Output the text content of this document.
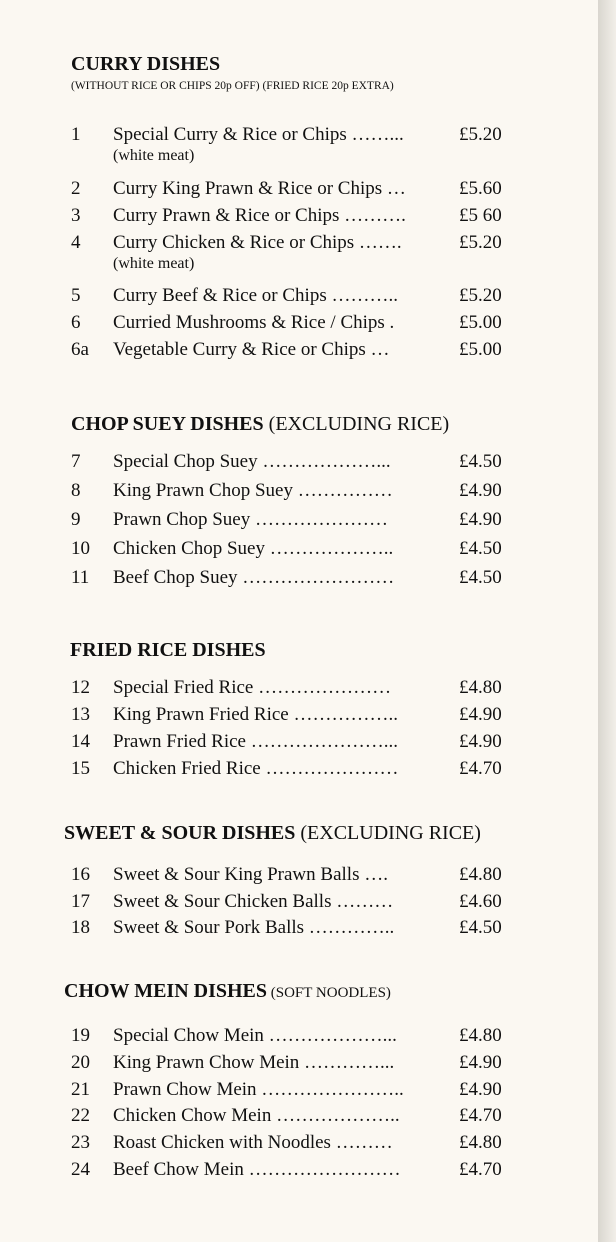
CURRY DISHES
(WITHOUT RICE OR CHIPS 20p OFF) (FRIED RICE 20p EXTRA)
1 Special Curry & Rice or Chips ……...	£5.20
(white meat)
2 Curry King Prawn & Rice or Chips …	£5.60
3 Curry Prawn & Rice or Chips ……….	£5 60
4 Curry Chicken & Rice or Chips …….	£5.20
(white meat)
5 Curry Beef & Rice or Chips ………..	£5.20
6 Curried Mushrooms & Rice / Chips .	£5.00
6a Vegetable Curry & Rice or Chips …	£5.00
CHOP SUEY DISHES (EXCLUDING RICE)
7 Special Chop Suey ………………...	£4.50
8 King Prawn Chop Suey ……………	£4.90
9 Prawn Chop Suey …………………	£4.90
10 Chicken Chop Suey ………………..	£4.50
11 Beef Chop Suey ……………………	£4.50
FRIED RICE DISHES
12 Special Fried Rice …………………	£4.80
13 King Prawn Fried Rice ……………..	£4.90
14 Prawn Fried Rice …………………...	£4.90
15 Chicken Fried Rice …………………	£4.70
SWEET & SOUR DISHES (EXCLUDING RICE)
16 Sweet & Sour King Prawn Balls ….	£4.80
17 Sweet & Sour Chicken Balls ………	£4.60
18 Sweet & Sour Pork Balls …………..	£4.50
CHOW MEIN DISHES (SOFT NOODLES)
19 Special Chow Mein ………………...	£4.80
20 King Prawn Chow Mein …………...	£4.90
21 Prawn Chow Mein …………………..	£4.90
22 Chicken Chow Mein ………………..	£4.70
23 Roast Chicken with Noodles ………	£4.80
24 Beef Chow Mein ……………………	£4.70
